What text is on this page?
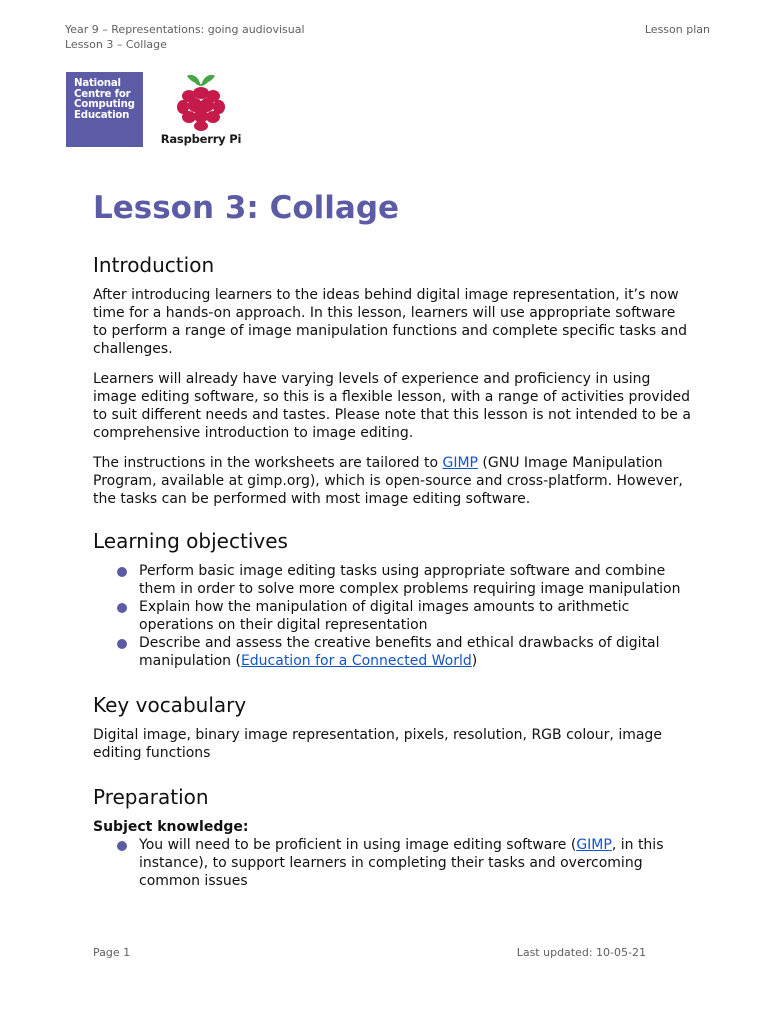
Year 9 – Representations: going audiovisual
Lesson 3 – Collage
Lesson plan
National
Centre for
Computing
Education
Raspberry Pi
Lesson 3: Collage
Introduction

After introducing learners to the ideas behind digital image representation, it’s now time for a hands-on approach. In this lesson, learners will use appropriate software to perform a range of image manipulation functions and complete specific tasks and challenges.

Learners will already have varying levels of experience and proficiency in using image editing software, so this is a flexible lesson, with a range of activities provided to suit different needs and tastes. Please note that this lesson is not intended to be a comprehensive introduction to image editing.

The instructions in the worksheets are tailored to GIMP (GNU Image Manipulation Program, available at gimp.org), which is open-source and cross-platform. However, the tasks can be performed with most image editing software.

Learning objectives
Perform basic image editing tasks using appropriate software and combine them in order to solve more complex problems requiring image manipulation
Explain how the manipulation of digital images amounts to arithmetic operations on their digital representation
Describe and assess the creative benefits and ethical drawbacks of digital manipulation (Education for a Connected World)
Key vocabulary

Digital image, binary image representation, pixels, resolution, RGB colour, image editing functions

Preparation

Subject knowledge:

You will need to be proficient in using image editing software (GIMP, in this instance), to support learners in completing their tasks and overcoming common issues
Page 1	Last updated: 10-05-21
